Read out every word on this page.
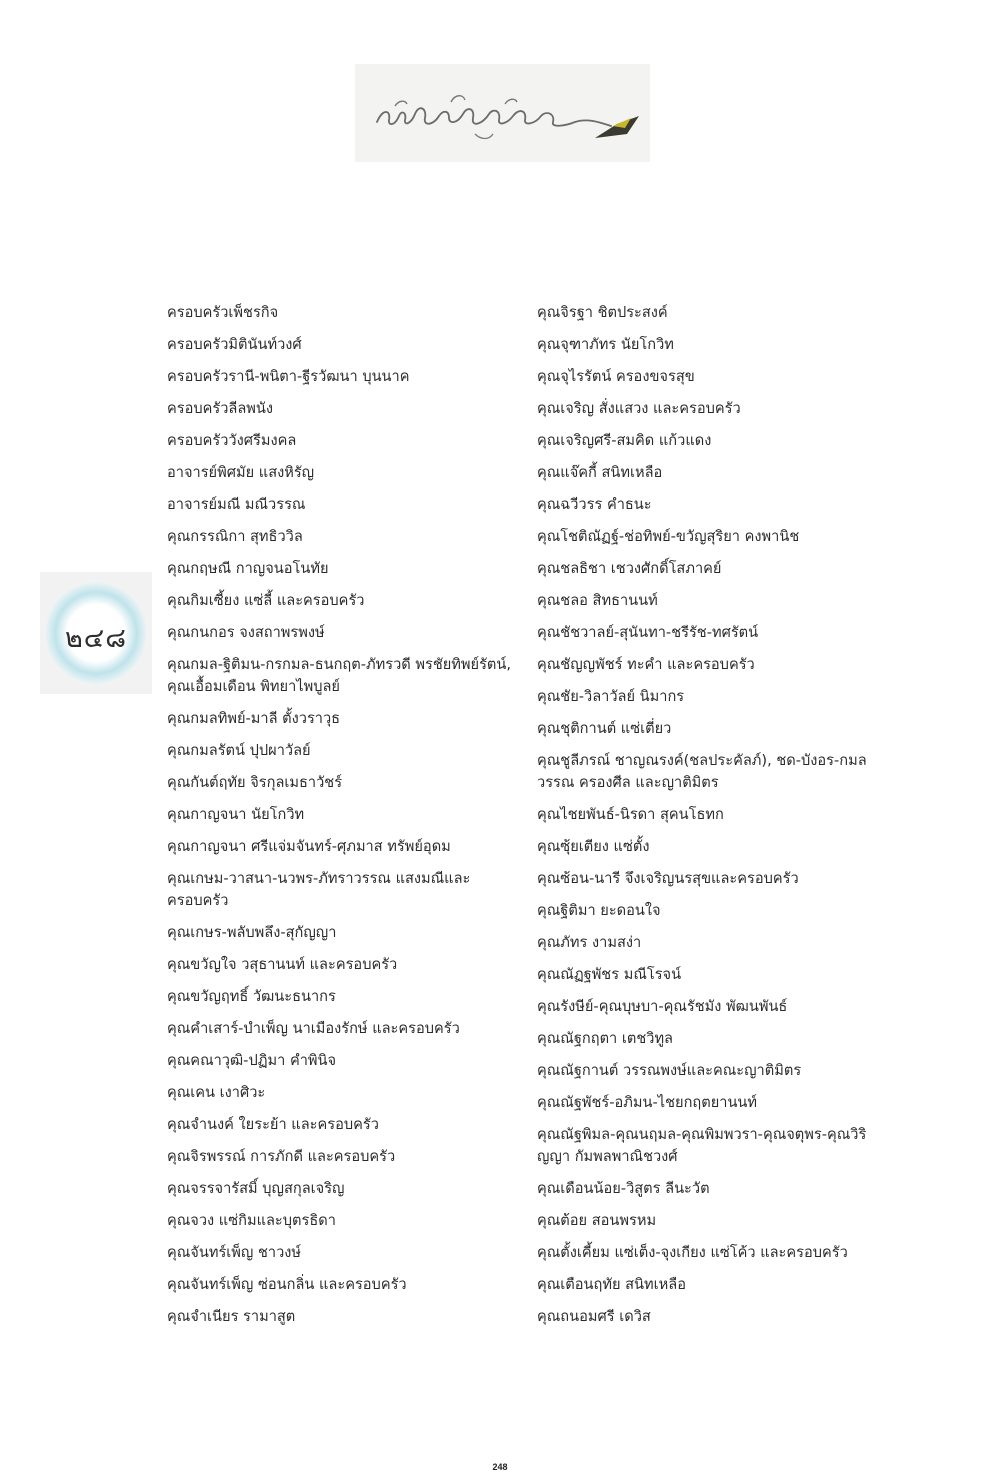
๒๔๘
ครอบครัวเพ็ชรกิจ
ครอบครัวมิตินันท์วงศ์
ครอบครัวรานี-พนิตา-ฐีรวัฒนา บุนนาค
ครอบครัวลีลพนัง
ครอบครัววังศรีมงคล
อาจารย์พิศมัย แสงหิรัญ
อาจารย์มณี มณีวรรณ
คุณกรรณิกา สุทธิววิล
คุณกฤษณี กาญจนอโนทัย
คุณกิมเซี้ยง แซ่ลี้ และครอบครัว
คุณกนกอร จงสถาพรพงษ์
คุณกมล-ฐิติมน-กรกมล-ธนกฤต-ภัทรวดี พรชัยทิพย์รัตน์, คุณเอื้อมเดือน พิทยาไพบูลย์
คุณกมลทิพย์-มาลี ตั้งวราวุธ
คุณกมลรัตน์ ปุปผาวัลย์
คุณกันต์ฤทัย จิรกุลเมธาวัชร์
คุณกาญจนา นัยโกวิท
คุณกาญจนา ศรีแจ่มจันทร์-ศุภมาส ทรัพย์อุดม
คุณเกษม-วาสนา-นวพร-ภัทราวรรณ แสงมณีและครอบครัว
คุณเกษร-พลับพลึง-สุกัญญา
คุณขวัญใจ วสุธานนท์ และครอบครัว
คุณขวัญฤทธิ์ วัฒนะธนากร
คุณคำเสาร์-บำเพ็ญ นาเมืองรักษ์ และครอบครัว
คุณคณาวุฒิ-ปฏิมา คำพินิจ
คุณเคน เงาศิวะ
คุณจำนงค์ ใยระย้า และครอบครัว
คุณจิรพรรณ์ การภักดี และครอบครัว
คุณจรรจารัสมิ์ บุญสกุลเจริญ
คุณจวง แซ่กิมและบุตรธิดา
คุณจันทร์เพ็ญ ชาวงษ์
คุณจันทร์เพ็ญ ซ่อนกลิ่น และครอบครัว
คุณจำเนียร รามาสูต
คุณจิรฐา ชิตประสงค์
คุณจุฑาภัทร นัยโกวิท
คุณจุไรรัตน์ ครองขจรสุข
คุณเจริญ สั่งแสวง และครอบครัว
คุณเจริญศรี-สมคิด แก้วแดง
คุณแจ๊คกี้ สนิทเหลือ
คุณฉวีวรร คำธนะ
คุณโชติณัฏฐ์-ช่อทิพย์-ขวัญสุริยา คงพานิช
คุณชลธิชา เชวงศักดิ์โสภาคย์
คุณชลอ สิทธานนท์
คุณชัชวาลย์-สุนันทา-ชรีรัช-ทศรัตน์
คุณชัญญพัชร์ ทะคำ และครอบครัว
คุณชัย-วิลาวัลย์ นิมากร
คุณชุติกานต์ แซ่เตี่ยว
คุณชูลีภรณ์ ชาญณรงค์(ชลประคัลภ์), ชด-บังอร-กมลวรรณ ครองศีล และญาติมิตร
คุณไชยพันธ์-นิรดา สุคนโธทก
คุณซุ้ยเตียง แซ่ตั้ง
คุณซ้อน-นารี จึงเจริญนรสุขและครอบครัว
คุณฐิติมา ยะดอนใจ
คุณภัทร งามสง่า
คุณณัฏฐพัชร มณีโรจน์
คุณรังษีย์-คุณบุษบา-คุณรัชมัง พัฒนพันธ์
คุณณัฐกฤตา เตชวิทูล
คุณณัฐกานต์ วรรณพงษ์และคณะญาติมิตร
คุณณัฐพัชร์-อภิมน-ไชยกฤตยานนท์
คุณณัฐพิมล-คุณนฤมล-คุณพิมพวรา-คุณจตุพร-คุณวิริญญา กัมพลพาณิชวงศ์
คุณเดือนน้อย-วิสูตร ลีนะวัต
คุณต้อย สอนพรหม
คุณตั้งเคี้ยม แซ่เต็ง-จุงเกียง แซ่โค้ว และครอบครัว
คุณเตือนฤทัย สนิทเหลือ
คุณถนอมศรี เดวิส
248
